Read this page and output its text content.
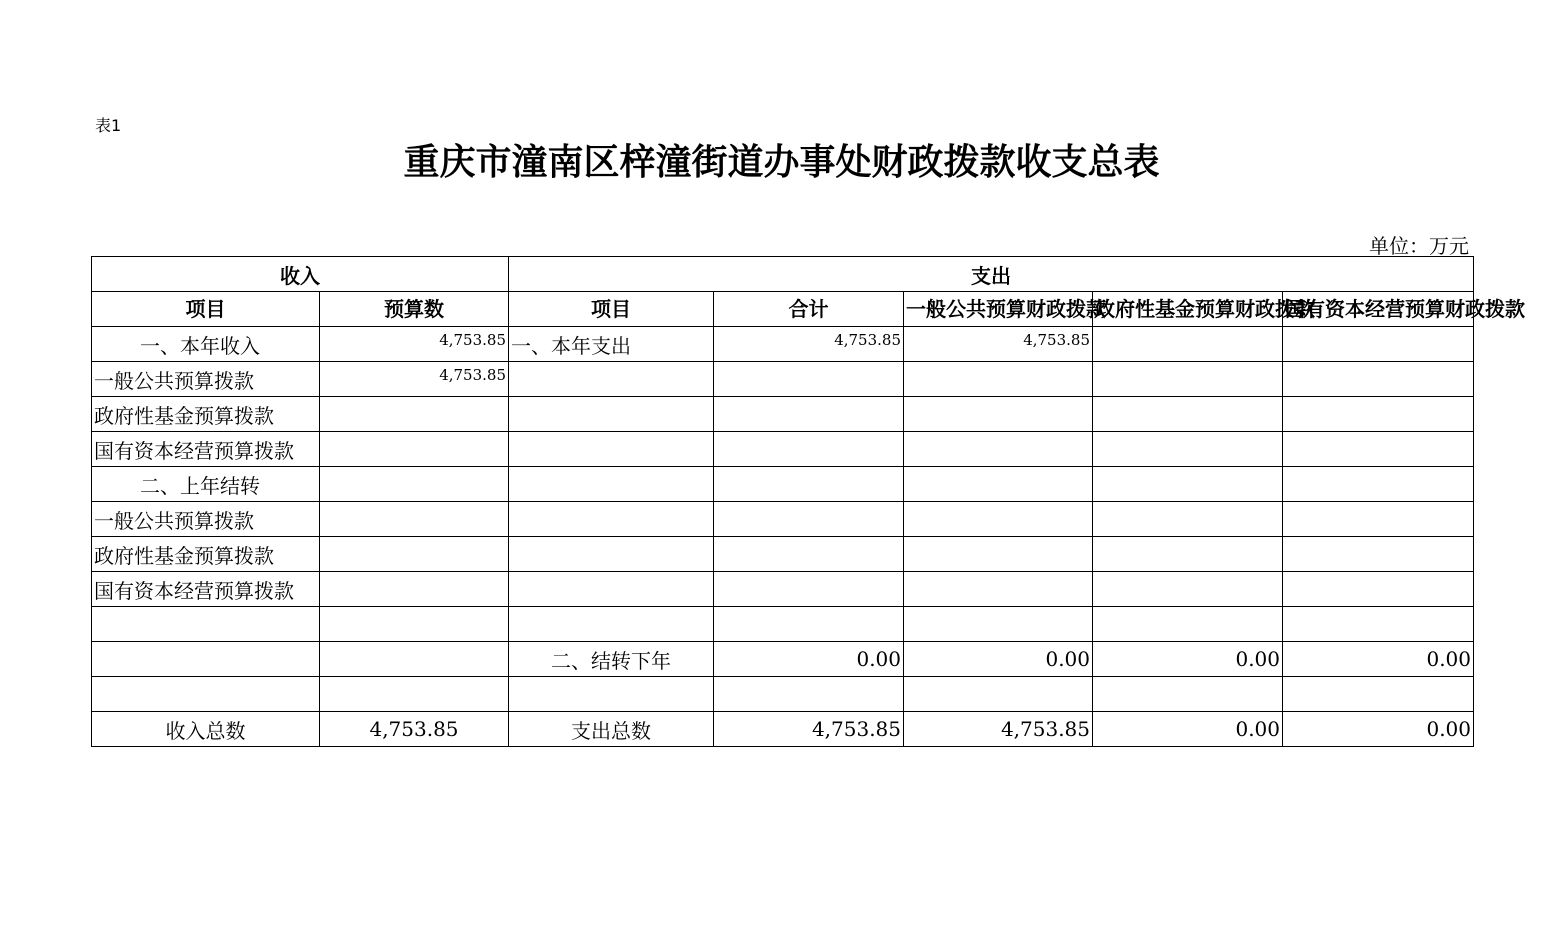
表1
重庆市潼南区梓潼街道办事处财政拨款收支总表
单位：万元
收入		支出				
项目	预算数	项目	合计	一般公共预算财政拨款	政府性基金预算财政拨款	国有资本经营预算财政拨款
一、本年收入	4,753.85	一、本年支出	4,753.85	4,753.85		
一般公共预算拨款	4,753.85					
政府性基金预算拨款						
国有资本经营预算拨款						
二、上年结转						
一般公共预算拨款						
政府性基金预算拨款						
国有资本经营预算拨款						

		二、结转下年	0.00	0.00	0.00	0.00

收入总数	4,753.85	支出总数	4,753.85	4,753.85	0.00	0.00
